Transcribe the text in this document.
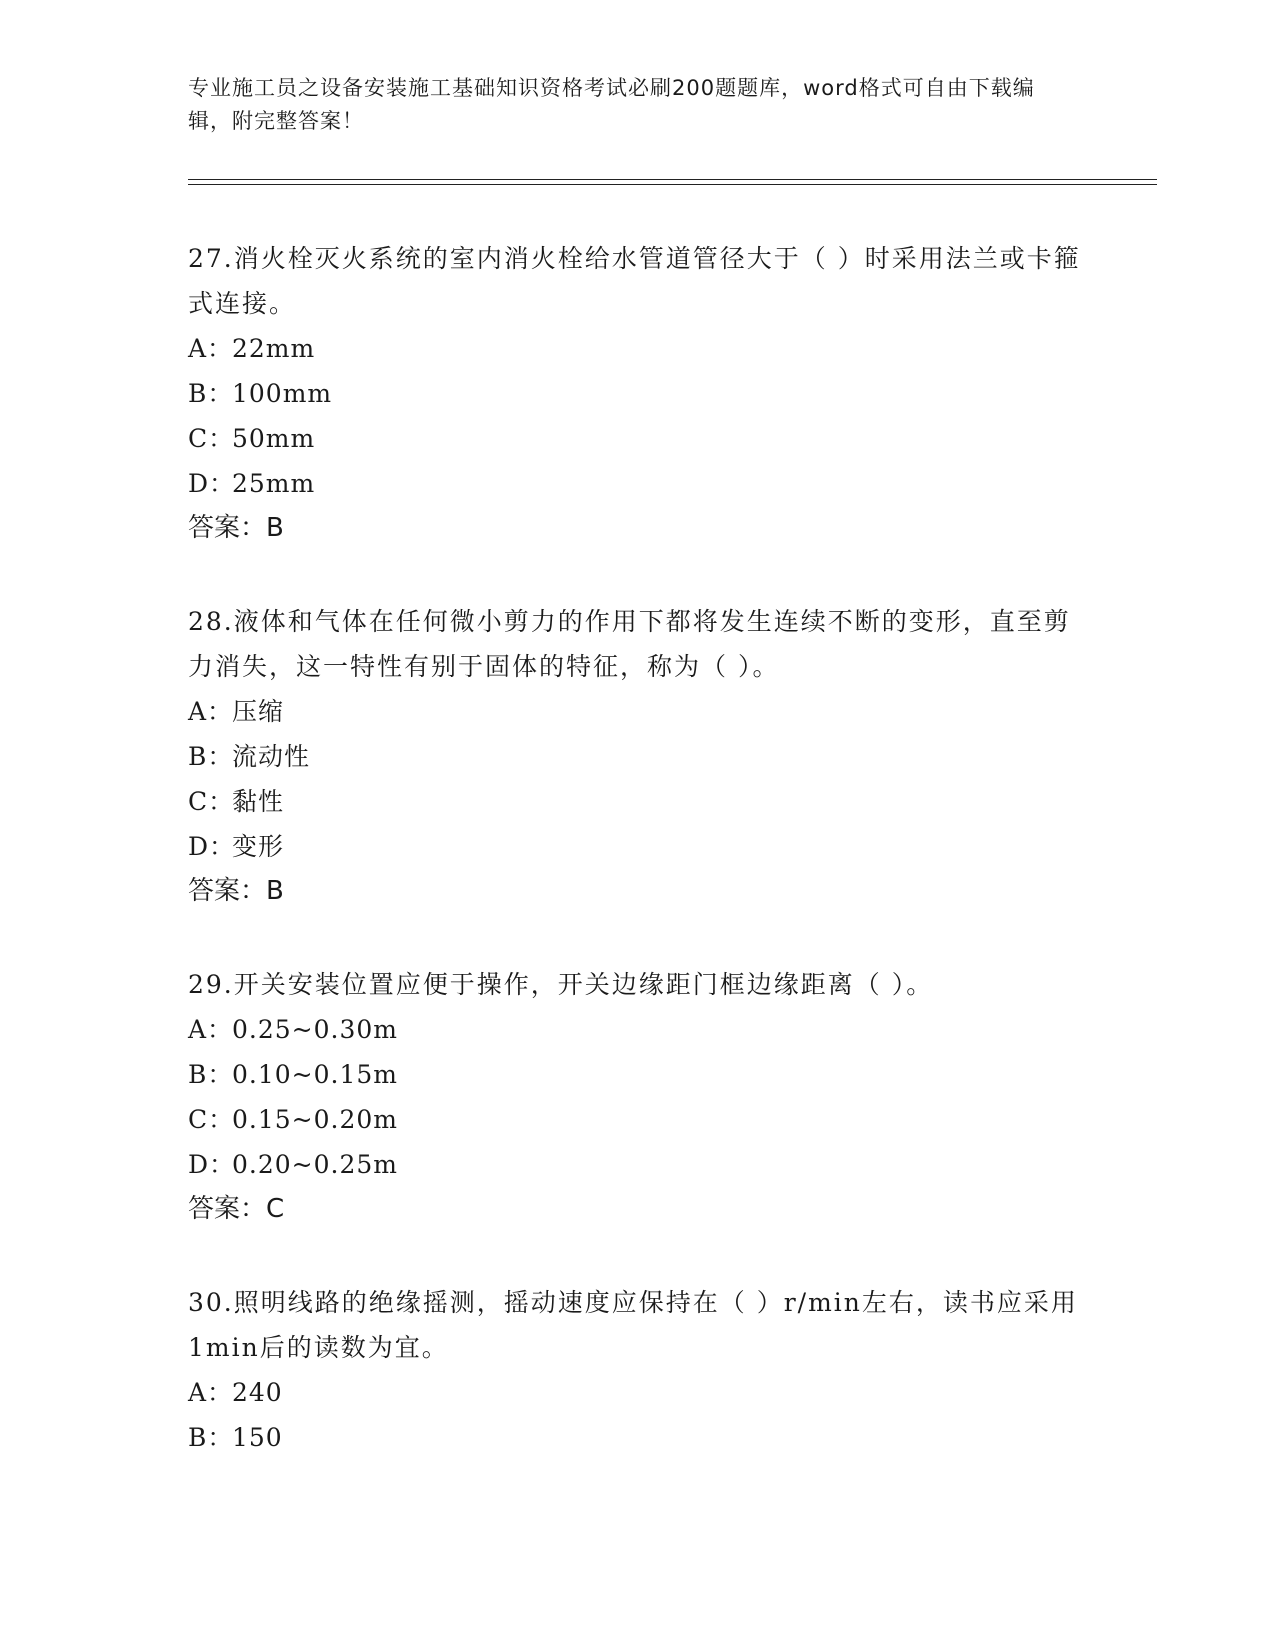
专业施工员之设备安装施工基础知识资格考试必刷200题题库，word格式可自由下载编辑，附完整答案！

27.消火栓灭火系统的室内消火栓给水管道管径大于（ ）时采用法兰或卡箍式连接。

A：22mm

B：100mm

C：50mm

D：25mm

答案：B

28.液体和气体在任何微小剪力的作用下都将发生连续不断的变形，直至剪力消失，这一特性有别于固体的特征，称为（ ）。

A：压缩

B：流动性

C：黏性

D：变形

答案：B

29.开关安装位置应便于操作，开关边缘距门框边缘距离（ ）。

A：0.25~0.30m

B：0.10~0.15m

C：0.15~0.20m

D：0.20~0.25m

答案：C

30.照明线路的绝缘摇测，摇动速度应保持在（ ）r/min左右，读书应采用1min后的读数为宜。

A：240

B：150
